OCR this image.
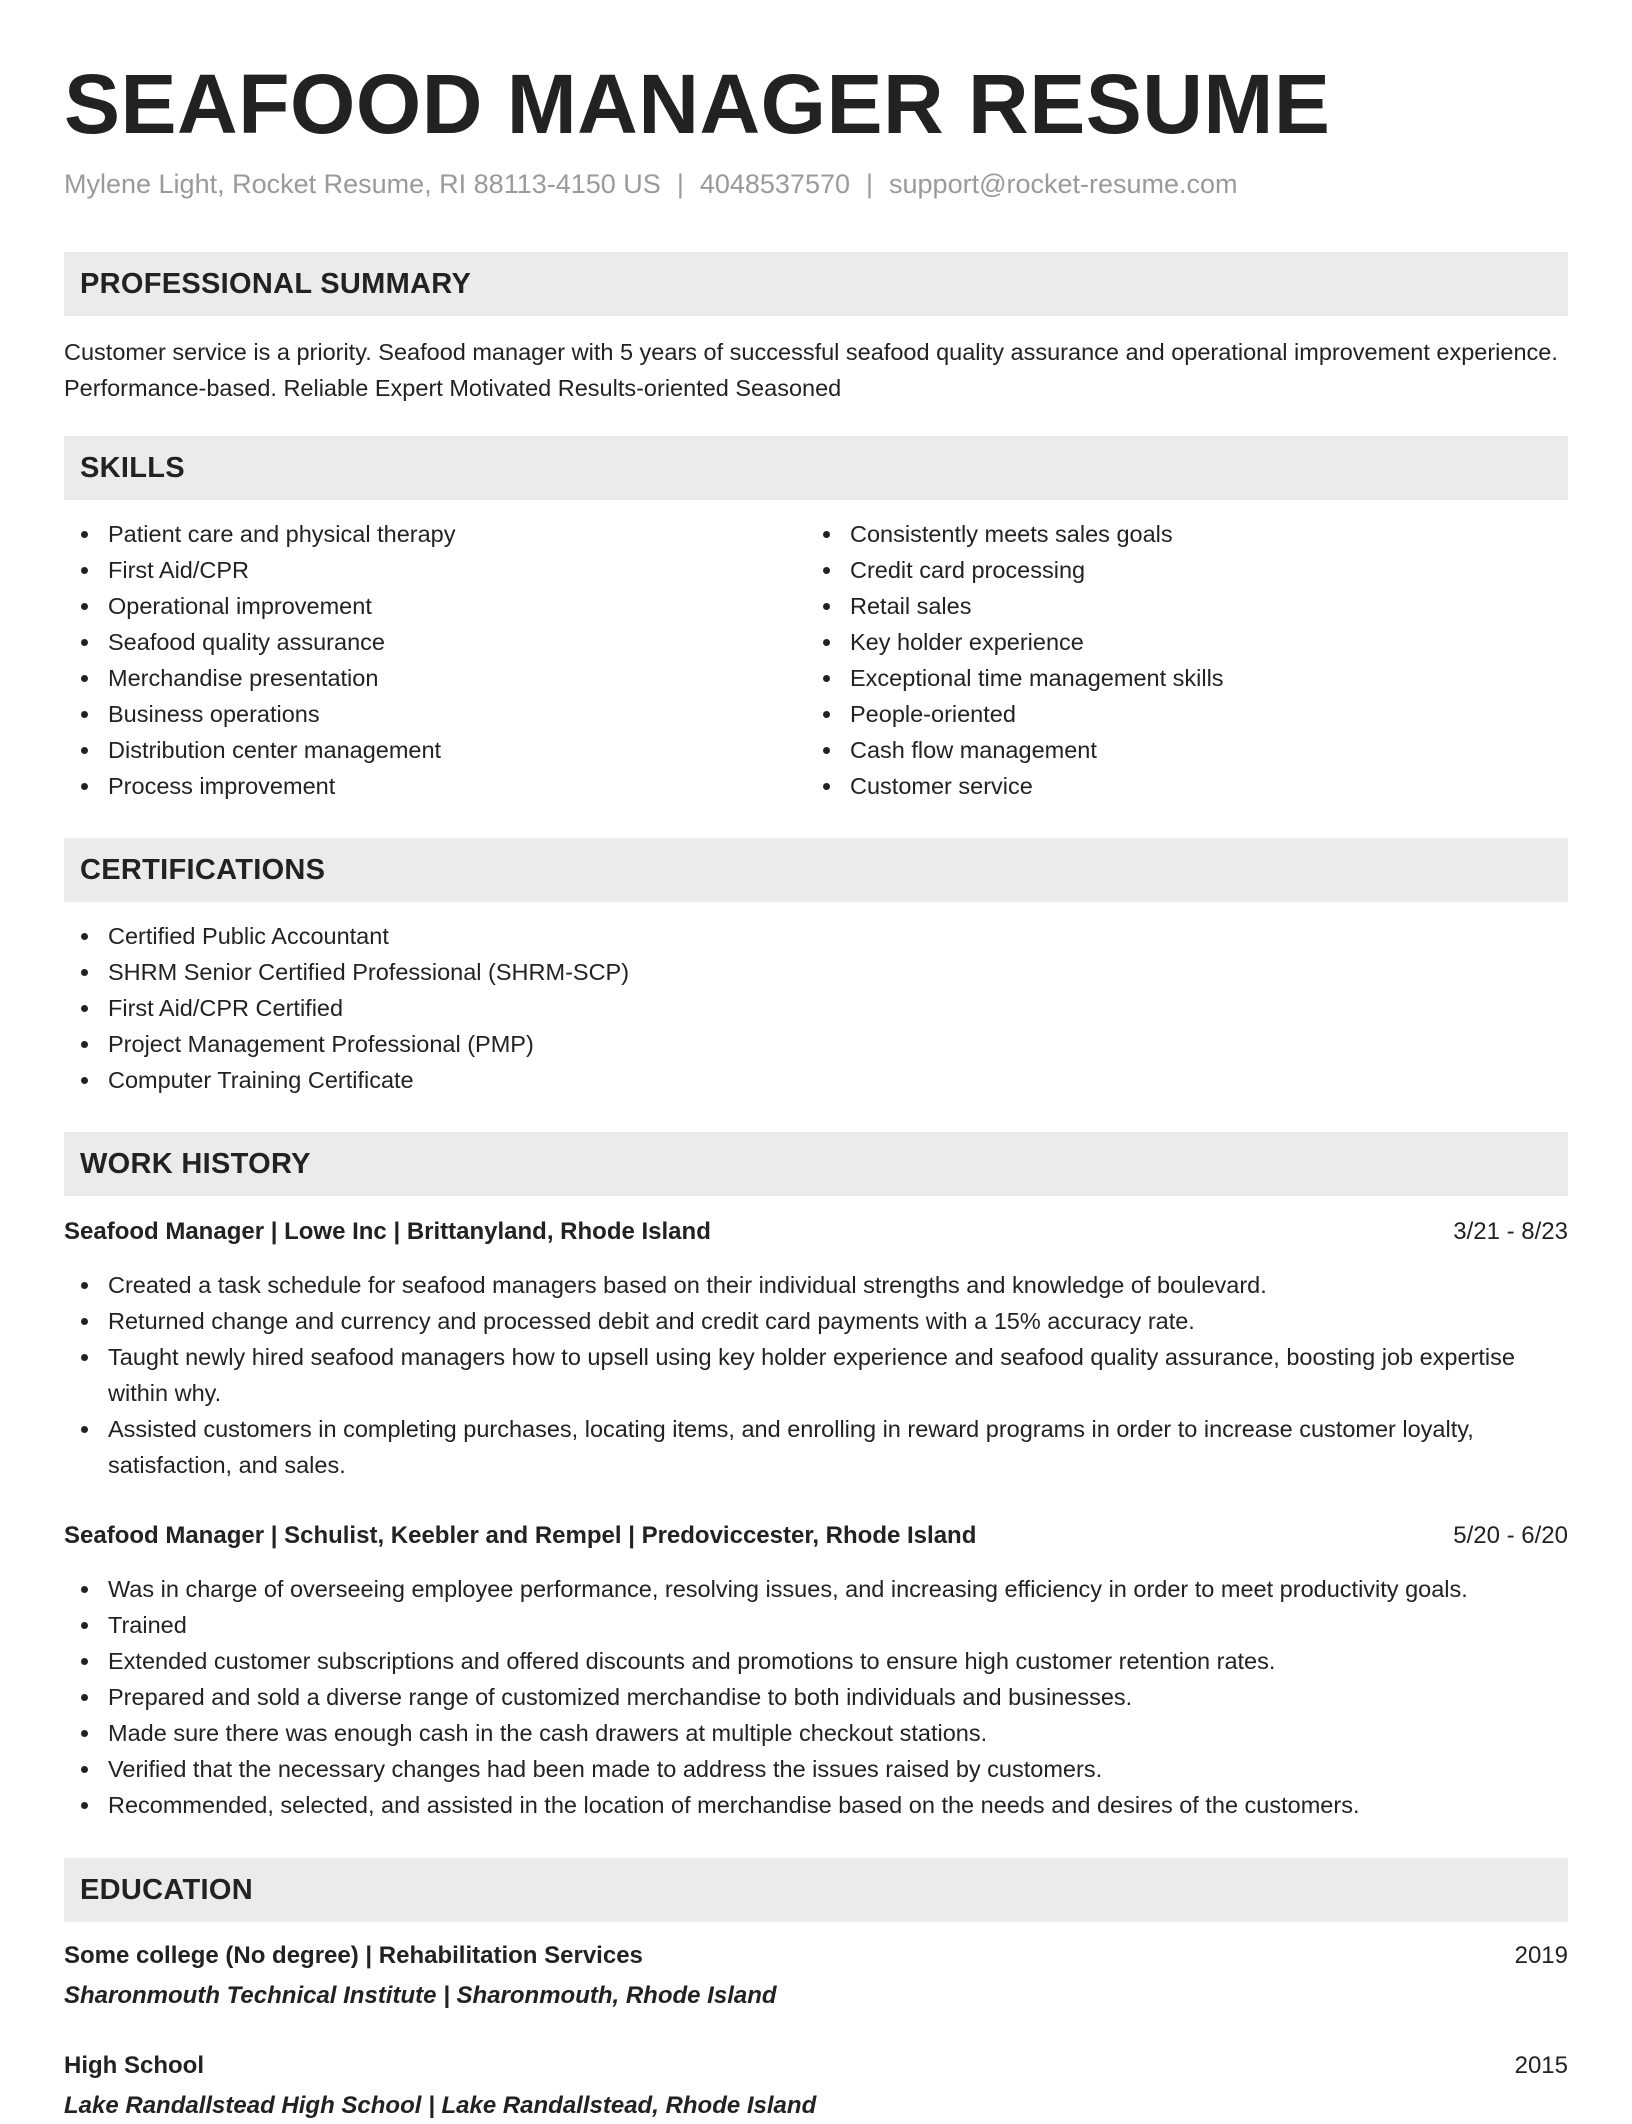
SEAFOOD MANAGER RESUME
Mylene Light, Rocket Resume, RI 88113-4150 US | 4048537570 | support@rocket-resume.com
PROFESSIONAL SUMMARY
Customer service is a priority. Seafood manager with 5 years of successful seafood quality assurance and operational improvement experience. Performance-based. Reliable Expert Motivated Results-oriented Seasoned
SKILLS
Patient care and physical therapy
First Aid/CPR
Operational improvement
Seafood quality assurance
Merchandise presentation
Business operations
Distribution center management
Process improvement
Consistently meets sales goals
Credit card processing
Retail sales
Key holder experience
Exceptional time management skills
People-oriented
Cash flow management
Customer service
CERTIFICATIONS
Certified Public Accountant
SHRM Senior Certified Professional (SHRM-SCP)
First Aid/CPR Certified
Project Management Professional (PMP)
Computer Training Certificate
WORK HISTORY
Seafood Manager | Lowe Inc | Brittanyland, Rhode Island	3/21 - 8/23
Created a task schedule for seafood managers based on their individual strengths and knowledge of boulevard.
Returned change and currency and processed debit and credit card payments with a 15% accuracy rate.
Taught newly hired seafood managers how to upsell using key holder experience and seafood quality assurance, boosting job expertise within why.
Assisted customers in completing purchases, locating items, and enrolling in reward programs in order to increase customer loyalty, satisfaction, and sales.
Seafood Manager | Schulist, Keebler and Rempel | Predoviccester, Rhode Island	5/20 - 6/20
Was in charge of overseeing employee performance, resolving issues, and increasing efficiency in order to meet productivity goals.
Trained
Extended customer subscriptions and offered discounts and promotions to ensure high customer retention rates.
Prepared and sold a diverse range of customized merchandise to both individuals and businesses.
Made sure there was enough cash in the cash drawers at multiple checkout stations.
Verified that the necessary changes had been made to address the issues raised by customers.
Recommended, selected, and assisted in the location of merchandise based on the needs and desires of the customers.
EDUCATION
Some college (No degree) | Rehabilitation Services	2019
Sharonmouth Technical Institute | Sharonmouth, Rhode Island
High School	2015
Lake Randallstead High School | Lake Randallstead, Rhode Island
